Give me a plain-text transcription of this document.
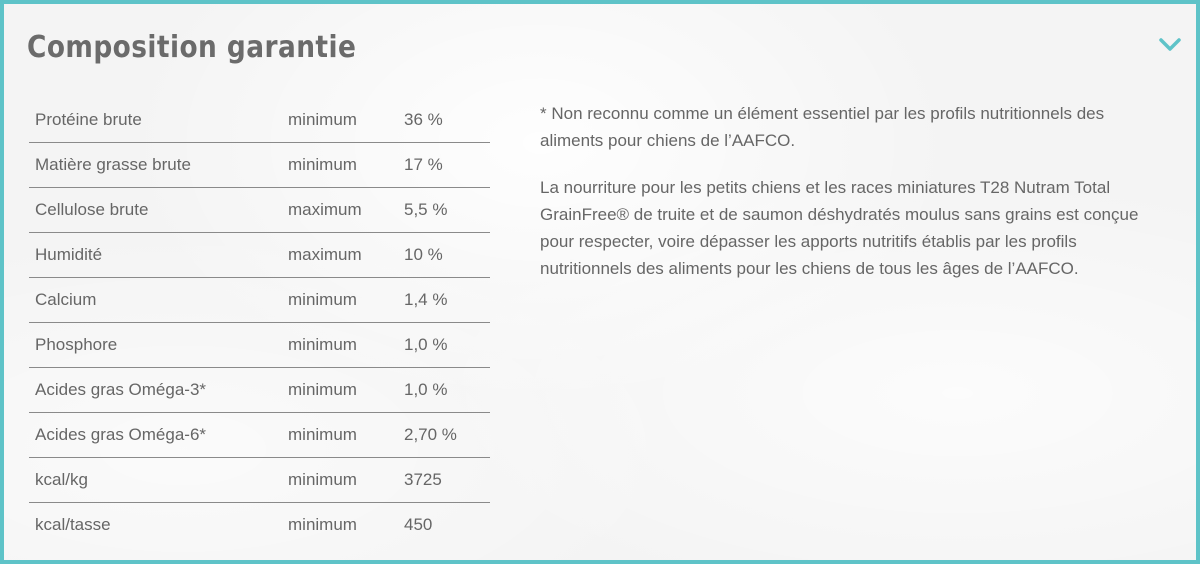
Composition garantie
Protéine brute	minimum	36 %
Matière grasse brute	minimum	17 %
Cellulose brute	maximum	5,5 %
Humidité	maximum	10 %
Calcium	minimum	1,4 %
Phosphore	minimum	1,0 %
Acides gras Oméga-3*	minimum	1,0 %
Acides gras Oméga-6*	minimum	2,70 %
kcal/kg	minimum	3725
kcal/tasse	minimum	450

* Non reconnu comme un élément essentiel par les profils nutritionnels des aliments pour chiens de l’AAFCO.

La nourriture pour les petits chiens et les races miniatures T28 Nutram Total GrainFree® de truite et de saumon déshydratés moulus sans grains est conçue pour respecter, voire dépasser les apports nutritifs établis par les profils nutritionnels des aliments pour les chiens de tous les âges de l’AAFCO.
